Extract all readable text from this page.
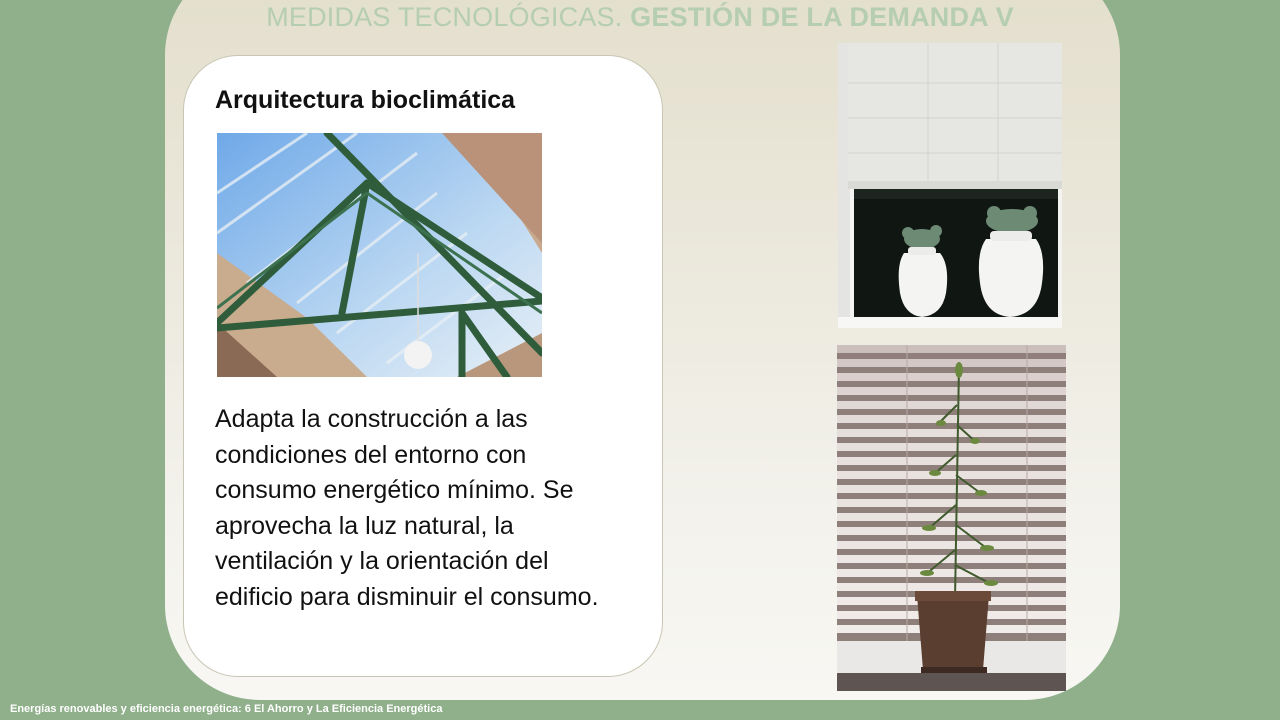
MEDIDAS TECNOLÓGICAS. GESTIÓN DE LA DEMANDA V
Arquitectura bioclimática
Adapta la construcción a las condiciones del entorno con consumo energético mínimo. Se aprovecha la luz natural, la ventilación y la orientación del edificio para disminuir el consumo.
Energías renovables y eficiencia energética: 6 El Ahorro y La Eficiencia Energética
